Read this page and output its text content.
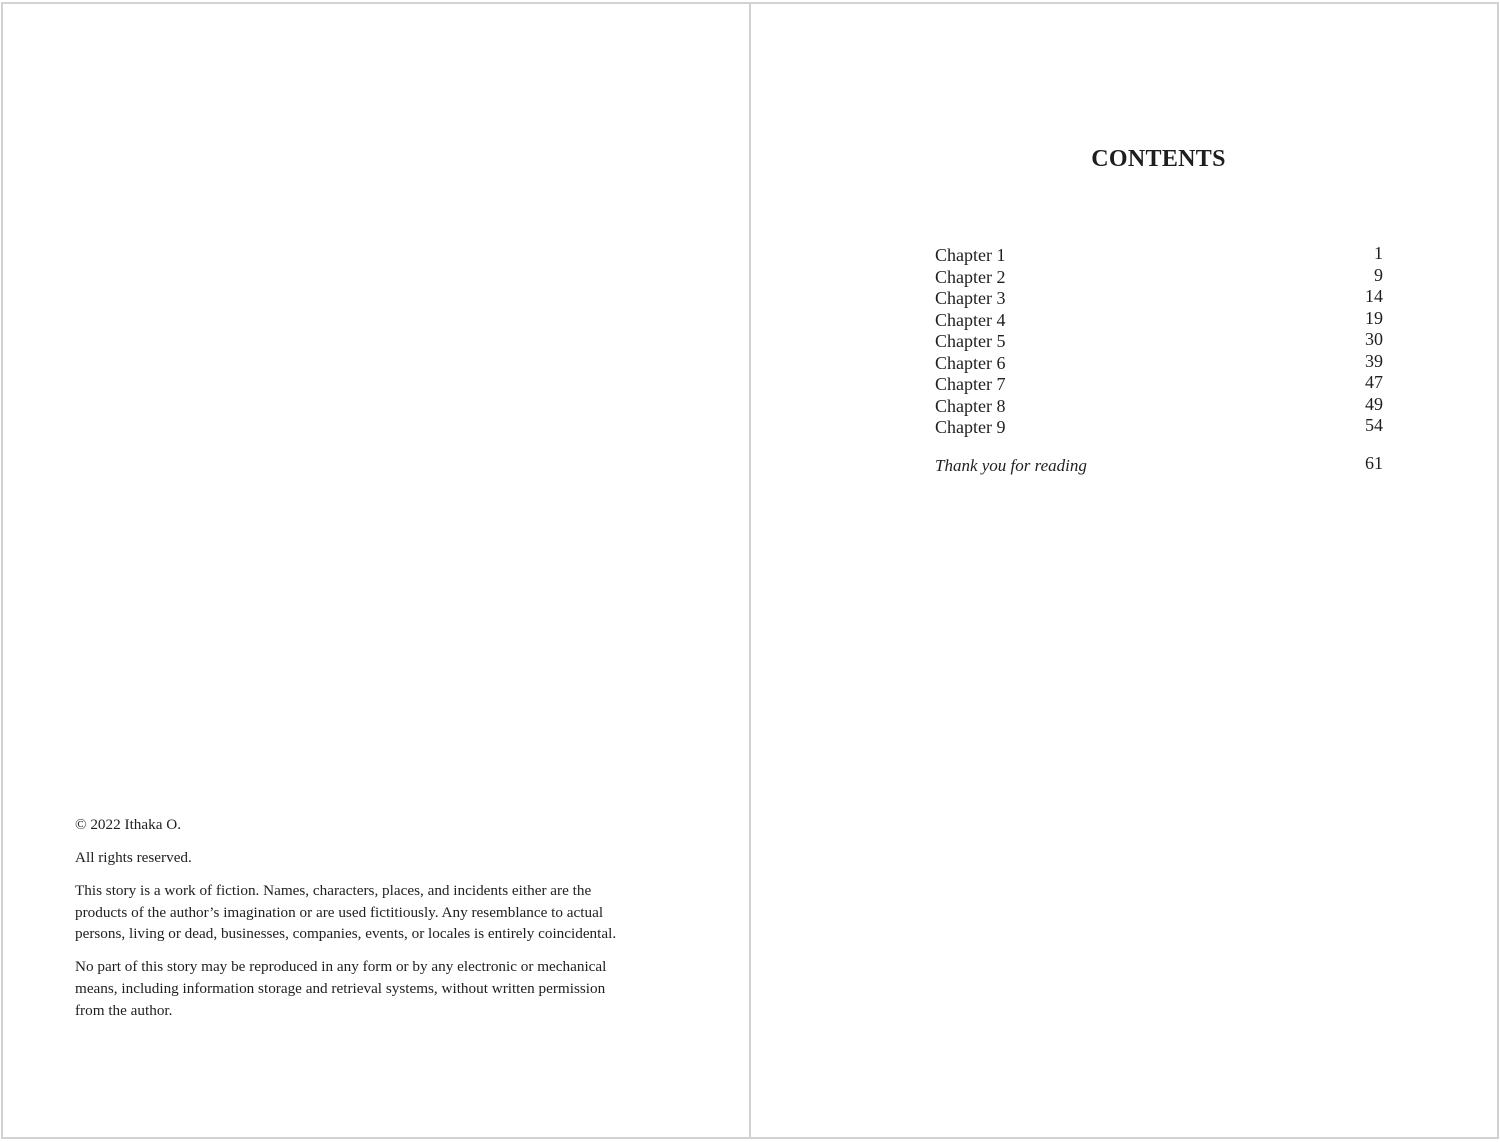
© 2022 Ithaka O.

All rights reserved.

This story is a work of fiction. Names, characters, places, and incidents either are the products of the author’s imagination or are used fictitiously. Any resemblance to actual persons, living or dead, businesses, companies, events, or locales is entirely coincidental.

No part of this story may be reproduced in any form or by any electronic or mechanical means, including information storage and retrieval systems, without written permission from the author.

CONTENTS
Chapter 1	1
Chapter 2	9
Chapter 3	14
Chapter 4	19
Chapter 5	30
Chapter 6	39
Chapter 7	47
Chapter 8	49
Chapter 9	54
Thank you for reading	61
